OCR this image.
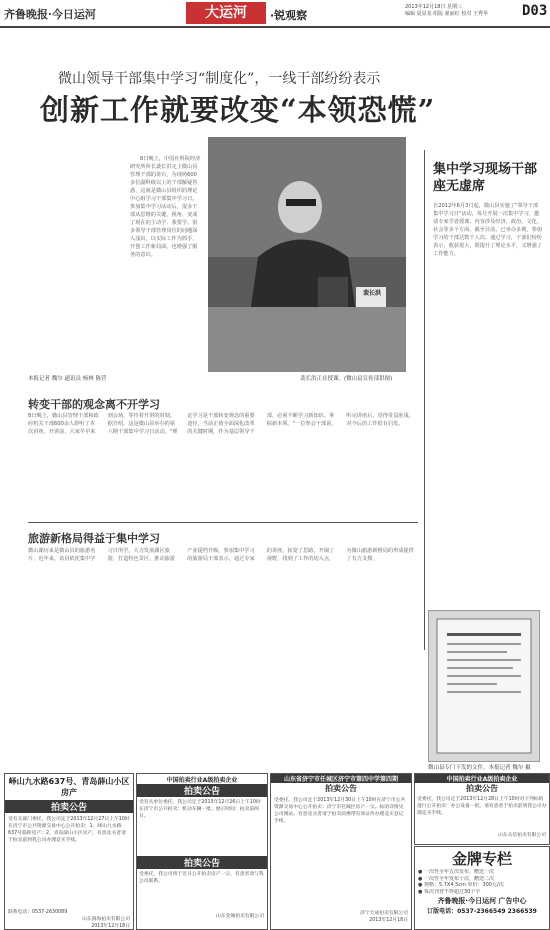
齐鲁晚报·今日运河	大运河	·锐观察
2013年12月18日 星期三
编辑 夏显龙 组版 翟丽红 校对 王秀华	D03
微山领导干部集中学习“制度化”，一线干部纷纷表示
创新工作就要改变“本领恐慌”

8日晚上，中国社科院经济研究所所长裴长洪走上微山县管理干部的讲台，为现场600多位副科级以上的干部解疑答惑，这就是微山县组织的理论中心组学习干部集中学习日。参加集中学习活动后，很多干部从思维的关键、视角、变成了现在的主动学、我要学。很多领导干部管理岗位的问题深入浅出，以实际工作为抓手，开创工作新局面，也增强了服务的意识。

裴长洪
裴长洪正在授课。(微山县宣传部供图)
本报记者 魏尔 通讯员 杨林 陈营
转变干部的观念离不开学习
8日晚上，微山县管理干部和政府机关干部600余人聆听了本次讲座。开讲前，大家早早来到会场，等待着开讲的时刻。据介绍，这是微山县举办的第六期干部集中学习日活动。"理论学习是干部转变观念的重要途径，当前正值全面深化改革的关键时期，作为基层领导干部，必须不断学习新知识、掌握新本领。"一位参会干部说，听完讲座后，觉得受益匪浅，对今后的工作很有启发。
旅游新格局得益于集中学习
微山湖历来是微山县的旅游名片，近年来，该县依托集中学习日所学，大力发展湖区旅游，打造特色景区，推动旅游产业提档升级。参加集中学习的旅游局干部表示，通过专家的讲座，拓宽了思路，开阔了视野，找到了工作的切入点，为微山旅游新格局的形成提供了有力支撑。
集中学习现场干部座无虚席
自2012年6月3日起，微山县实施了"领导干部集中学习日"活动，每月开展一次集中学习，邀请专家学者授课，内容涉及经济、政治、文化、社会等多个方面。截至目前，已举办多期，参加学习的干部达数千人次。通过学习，干部们纷纷表示，收获很大，既提升了理论水平，又增强了工作能力。
微山县专门下发的文件。本报记者 魏尔 摄
峄山九水路637号、青岛薛山小区房产
拍卖公告
受有关部门委托，我公司定于2013年12月27日上午10时在济宁市公共资源交易中心公开拍卖：1、峄山九水路637号临街房产；2、青岛薛山小区房产。有意竞买者请于拍卖前到我公司办理竞买手续。
联系电话：0537-2630089
山东润海拍卖有限公司
2013年12月18日
中国拍卖行业A级拍卖企业
拍卖公告
受有关单位委托，我公司定于2013年12月26日上午10时在济宁市公开拍卖：机动车辆一批。展示时间：拍卖前两日。
拍卖公告
受委托，我公司将于近日公开拍卖房产一宗，有意者请与我公司联系。
山东金城拍卖有限公司
山东省济宁市任城区济宁市第四中学第四期
拍卖公告
受委托，我公司定于2013年12月30日上午10时在济宁市公共资源交易中心公开拍卖：济宁市任城区房产一宗。标的详情见公司网站。有意竞买者请于拍卖前携带有效证件办理竞买登记手续。
济宁天成拍卖有限公司
2013年12月18日
中国拍卖行业A级拍卖企业
拍卖公告
受委托，我公司定于2013年12月28日上午10时对下列标的进行公开拍卖：办公设备一批。请有意者于拍卖前到我公司办理竞买手续。
山东众信拍卖有限公司
金牌专栏
● 一次性全年五次发布，赠送一次
● 一次性全年发布十次，赠送二次
● 规格：5.7X4.5cm 单价：300元/次
● 每次刊登不得超过30个字
齐鲁晚报·今日运河 广告中心
订版电话：0537-2366549 2366539
